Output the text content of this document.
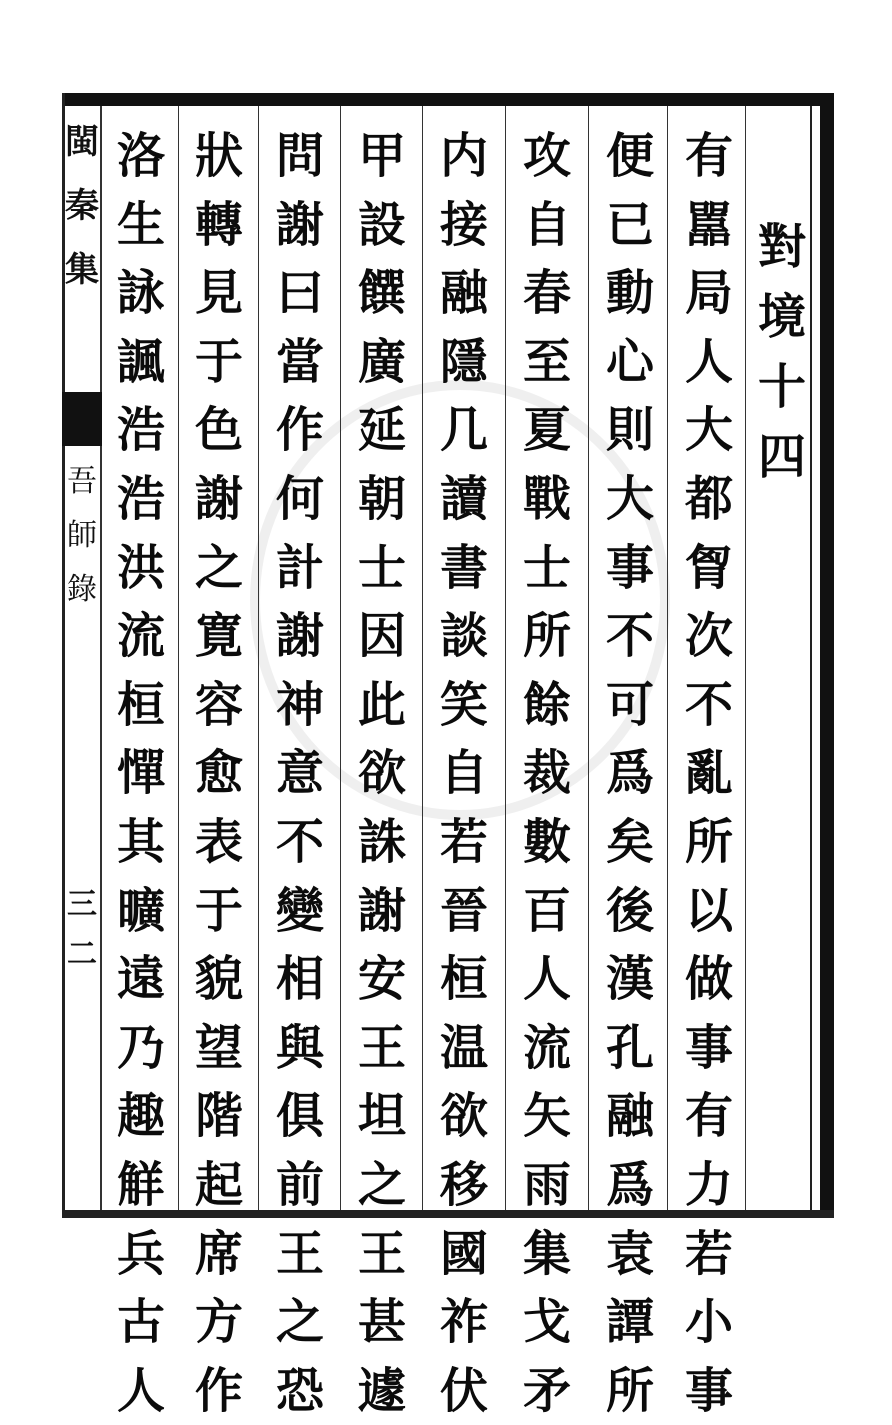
閩秦集
吾師錄
三二
對境十四
有嚚局人大都胷次不亂所以做事有力若小事
便已動心則大事不可爲矣後漢孔融爲袁譚所
攻自春至夏戰士所餘裁數百人流矢雨集戈矛
内接融隱几讀書談笑自若晉桓温欲移國祚伏
甲設饌廣延朝士因此欲誅謝安王坦之王甚遽
問謝曰當作何計謝神意不變相與俱前王之恐
狀轉見于色謝之寛容愈表于貌望階起席方作
洛生詠諷浩浩洪流桓憚其曠遠乃趣觧兵古人
